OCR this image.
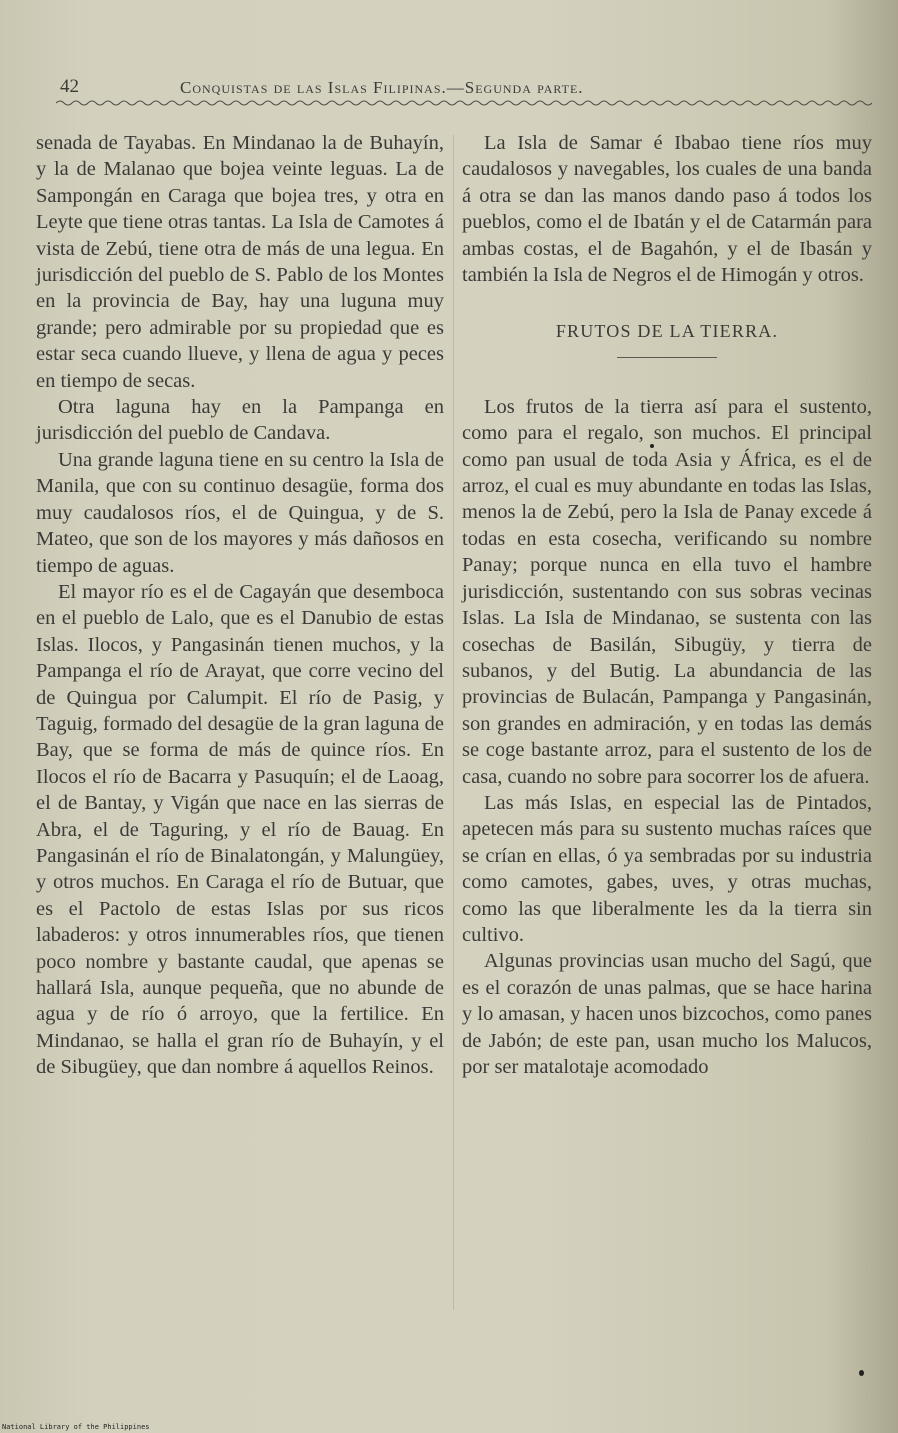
42	Conquistas de las Islas Filipinas.—Segunda parte.

senada de Tayabas. En Mindanao la de Buhayín, y la de Malanao que bojea veinte leguas. La de Sampongán en Caraga que bojea tres, y otra en Leyte que tiene otras tantas. La Isla de Camotes á vista de Zebú, tiene otra de más de una legua. En jurisdicción del pueblo de S. Pablo de los Montes en la provincia de Bay, hay una luguna muy grande; pero admirable por su propiedad que es estar seca cuando llueve, y llena de agua y peces en tiempo de secas.

Otra laguna hay en la Pampanga en jurisdicción del pueblo de Candava.

Una grande laguna tiene en su centro la Isla de Manila, que con su continuo desagüe, forma dos muy caudalosos ríos, el de Quingua, y de S. Mateo, que son de los mayores y más dañosos en tiempo de aguas.

El mayor río es el de Cagayán que desemboca en el pueblo de Lalo, que es el Danubio de estas Islas. Ilocos, y Pangasinán tienen muchos, y la Pampanga el río de Arayat, que corre vecino del de Quingua por Calumpit. El río de Pasig, y Taguig, formado del desagüe de la gran laguna de Bay, que se forma de más de quince ríos. En Ilocos el río de Bacarra y Pasuquín; el de Laoag, el de Bantay, y Vigán que nace en las sierras de Abra, el de Taguring, y el río de Bauag. En Pangasinán el río de Binalatongán, y Malungüey, y otros muchos. En Caraga el río de Butuar, que es el Pactolo de estas Islas por sus ricos labaderos: y otros innumerables ríos, que tienen poco nombre y bastante caudal, que apenas se hallará Isla, aunque pequeña, que no abunde de agua y de río ó arroyo, que la fertilice. En Mindanao, se halla el gran río de Buhayín, y el de Sibugüey, que dan nombre á aquellos Reinos.

La Isla de Samar é Ibabao tiene ríos muy caudalosos y navegables, los cuales de una banda á otra se dan las manos dando paso á todos los pueblos, como el de Ibatán y el de Catarmán para ambas costas, el de Bagahón, y el de Ibasán y también la Isla de Negros el de Himogán y otros.

FRUTOS DE LA TIERRA.

Los frutos de la tierra así para el sustento, como para el regalo, son muchos. El principal como pan usual de toda Asia y África, es el de arroz, el cual es muy abundante en todas las Islas, menos la de Zebú, pero la Isla de Panay excede á todas en esta cosecha, verificando su nombre Panay; porque nunca en ella tuvo el hambre jurisdicción, sustentando con sus sobras vecinas Islas. La Isla de Mindanao, se sustenta con las cosechas de Basilán, Sibugüy, y tierra de subanos, y del Butig. La abundancia de las provincias de Bulacán, Pampanga y Pangasinán, son grandes en admiración, y en todas las demás se coge bastante arroz, para el sustento de los de casa, cuando no sobre para socorrer los de afuera.

Las más Islas, en especial las de Pintados, apetecen más para su sustento muchas raíces que se crían en ellas, ó ya sembradas por su industria como camotes, gabes, uves, y otras muchas, como las que liberalmente les da la tierra sin cultivo.

Algunas provincias usan mucho del Sagú, que es el corazón de unas palmas, que se hace harina y lo amasan, y hacen unos bizcochos, como panes de Jabón; de este pan, usan mucho los Malucos, por ser matalotaje acomodado

National Library of the Philippines
